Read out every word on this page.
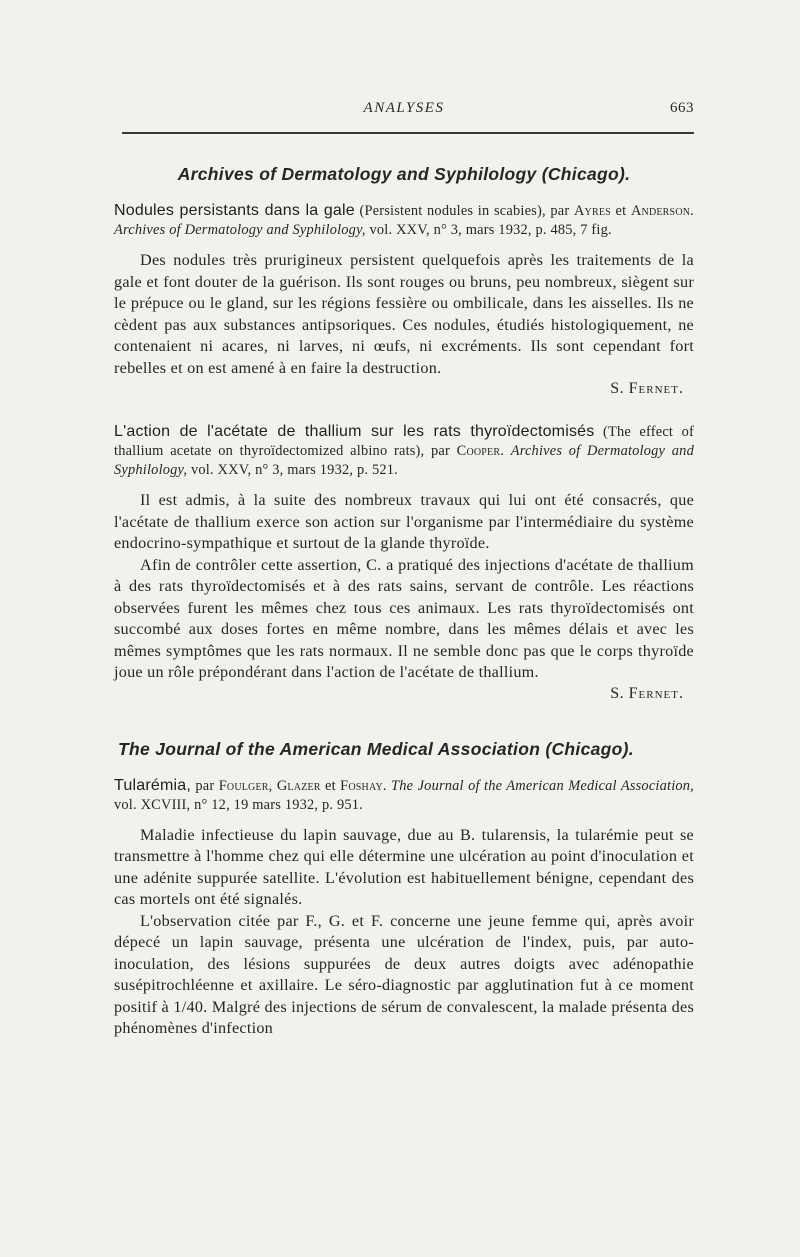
ANALYSES	663
Archives of Dermatology and Syphilology (Chicago).

Nodules persistants dans la gale (Persistent nodules in scabies), par Ayres et Anderson. Archives of Dermatology and Syphilology, vol. XXV, n° 3, mars 1932, p. 485, 7 fig.

Des nodules très prurigineux persistent quelquefois après les traitements de la gale et font douter de la guérison. Ils sont rouges ou bruns, peu nombreux, siègent sur le prépuce ou le gland, sur les régions fessière ou ombilicale, dans les aisselles. Ils ne cèdent pas aux substances antipsoriques. Ces nodules, étudiés histologiquement, ne contenaient ni acares, ni larves, ni œufs, ni excréments. Ils sont cependant fort rebelles et on est amené à en faire la destruction.

S. Fernet.

L'action de l'acétate de thallium sur les rats thyroïdectomisés (The effect of thallium acetate on thyroïdectomized albino rats), par Cooper. Archives of Dermatology and Syphilology, vol. XXV, n° 3, mars 1932, p. 521.

Il est admis, à la suite des nombreux travaux qui lui ont été consacrés, que l'acétate de thallium exerce son action sur l'organisme par l'intermédiaire du système endocrino-sympathique et surtout de la glande thyroïde.

Afin de contrôler cette assertion, C. a pratiqué des injections d'acétate de thallium à des rats thyroïdectomisés et à des rats sains, servant de contrôle. Les réactions observées furent les mêmes chez tous ces animaux. Les rats thyroïdectomisés ont succombé aux doses fortes en même nombre, dans les mêmes délais et avec les mêmes symptômes que les rats normaux. Il ne semble donc pas que le corps thyroïde joue un rôle prépondérant dans l'action de l'acétate de thallium.

S. Fernet.

The Journal of the American Medical Association (Chicago).

Tularémia, par Foulger, Glazer et Foshay. The Journal of the American Medical Association, vol. XCVIII, n° 12, 19 mars 1932, p. 951.

Maladie infectieuse du lapin sauvage, due au B. tularensis, la tularémie peut se transmettre à l'homme chez qui elle détermine une ulcération au point d'inoculation et une adénite suppurée satellite. L'évolution est habituellement bénigne, cependant des cas mortels ont été signalés.

L'observation citée par F., G. et F. concerne une jeune femme qui, après avoir dépecé un lapin sauvage, présenta une ulcération de l'index, puis, par auto-inoculation, des lésions suppurées de deux autres doigts avec adénopathie susépitrochléenne et axillaire. Le séro-diagnostic par agglutination fut à ce moment positif à 1/40. Malgré des injections de sérum de convalescent, la malade présenta des phénomènes d'infection
